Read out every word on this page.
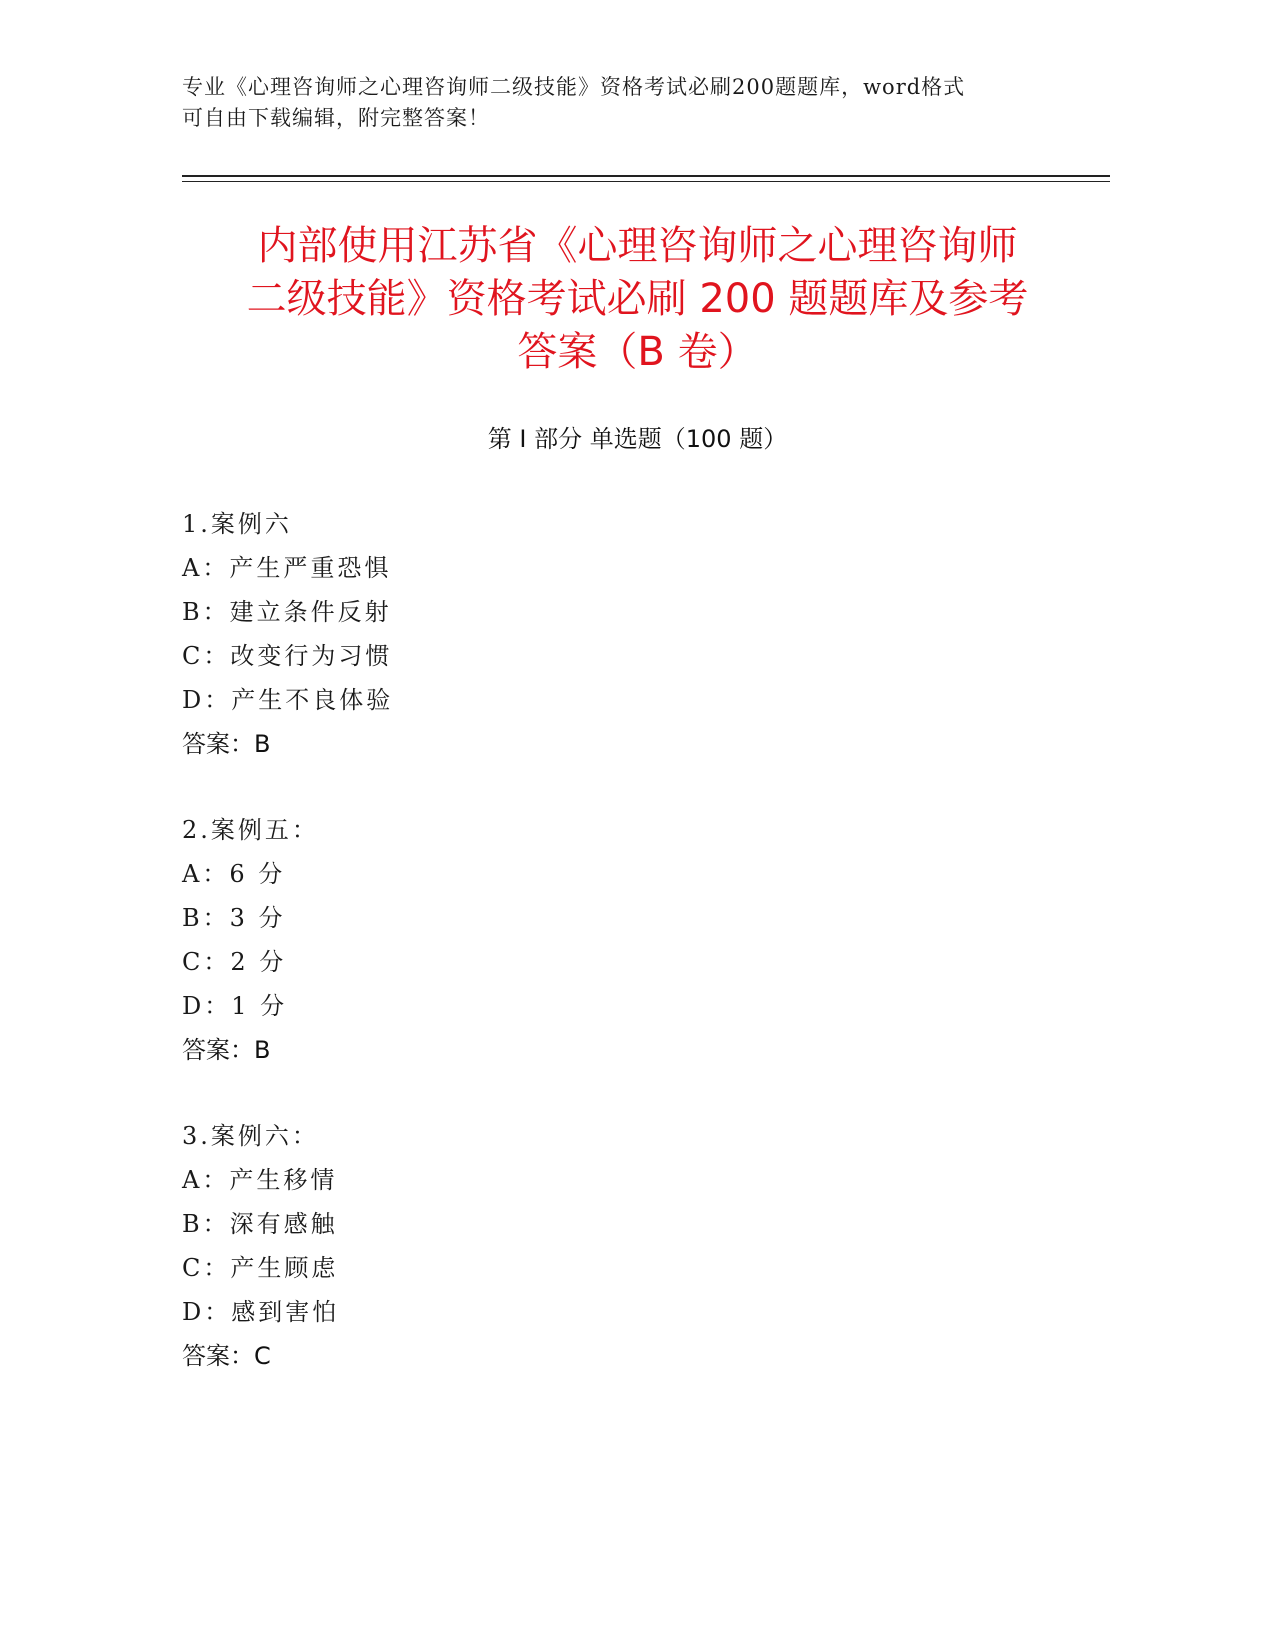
专业《心理咨询师之心理咨询师二级技能》资格考试必刷200题题库，word格式
可自由下载编辑，附完整答案！
内部使用江苏省《心理咨询师之心理咨询师
二级技能》资格考试必刷 200 题题库及参考
答案（B 卷）
第 I 部分 单选题（100 题）
1.案例六
A：产生严重恐惧
B：建立条件反射
C：改变行为习惯
D：产生不良体验
答案：B
2.案例五：
A：6 分
B：3 分
C：2 分
D：1 分
答案：B
3.案例六：
A：产生移情
B：深有感触
C：产生顾虑
D：感到害怕
答案：C
